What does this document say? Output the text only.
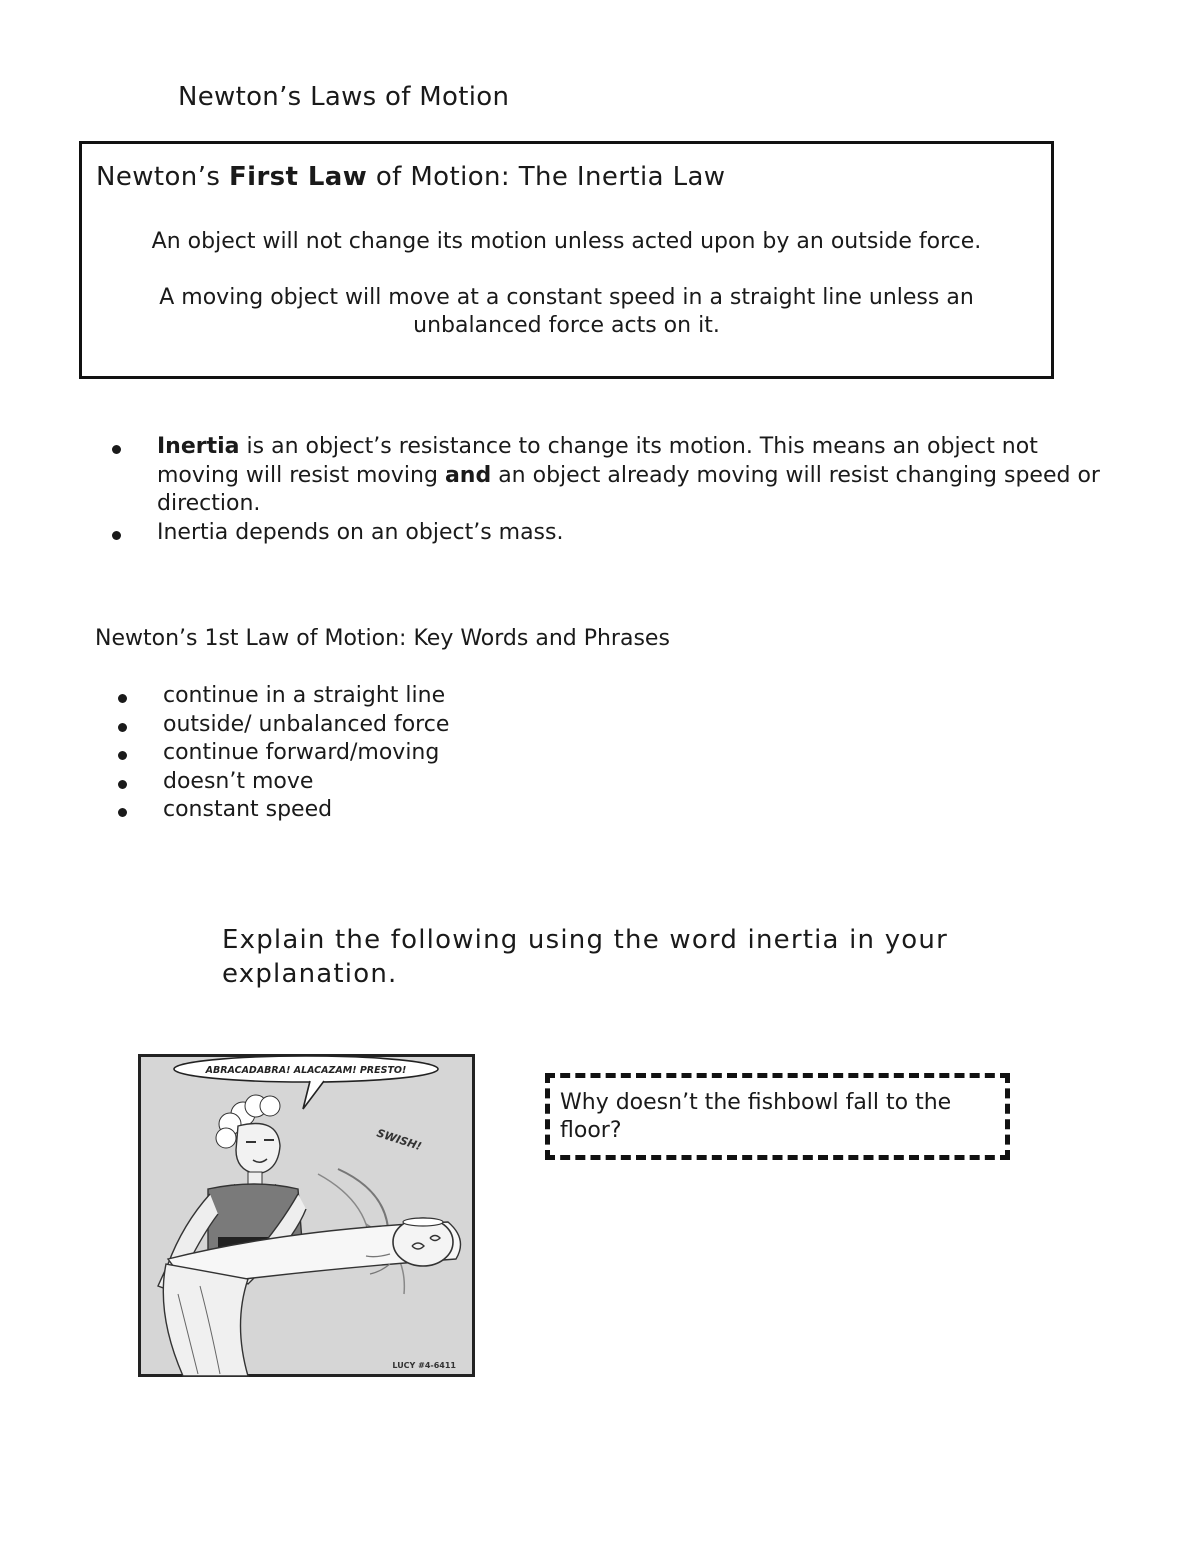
Newton’s Laws of Motion
Newton’s First Law of Motion: The Inertia Law
An object will not change its motion unless acted upon by an outside force.
A moving object will move at a constant speed in a straight line unless an
unbalanced force acts on it.
Inertia is an object’s resistance to change its motion. This means an object not moving will resist moving and an object already moving will resist changing speed or direction.
Inertia depends on an object’s mass.
Newton’s 1st Law of Motion: Key Words and Phrases
continue in a straight line
outside/ unbalanced force
continue forward/moving
doesn’t move
constant speed
Explain the following using the word inertia in your explanation.
ABRACADABRA! ALACAZAM! PRESTO!
SWISH!
LUCY #4-6411
Why doesn’t the fishbowl fall to the floor?
